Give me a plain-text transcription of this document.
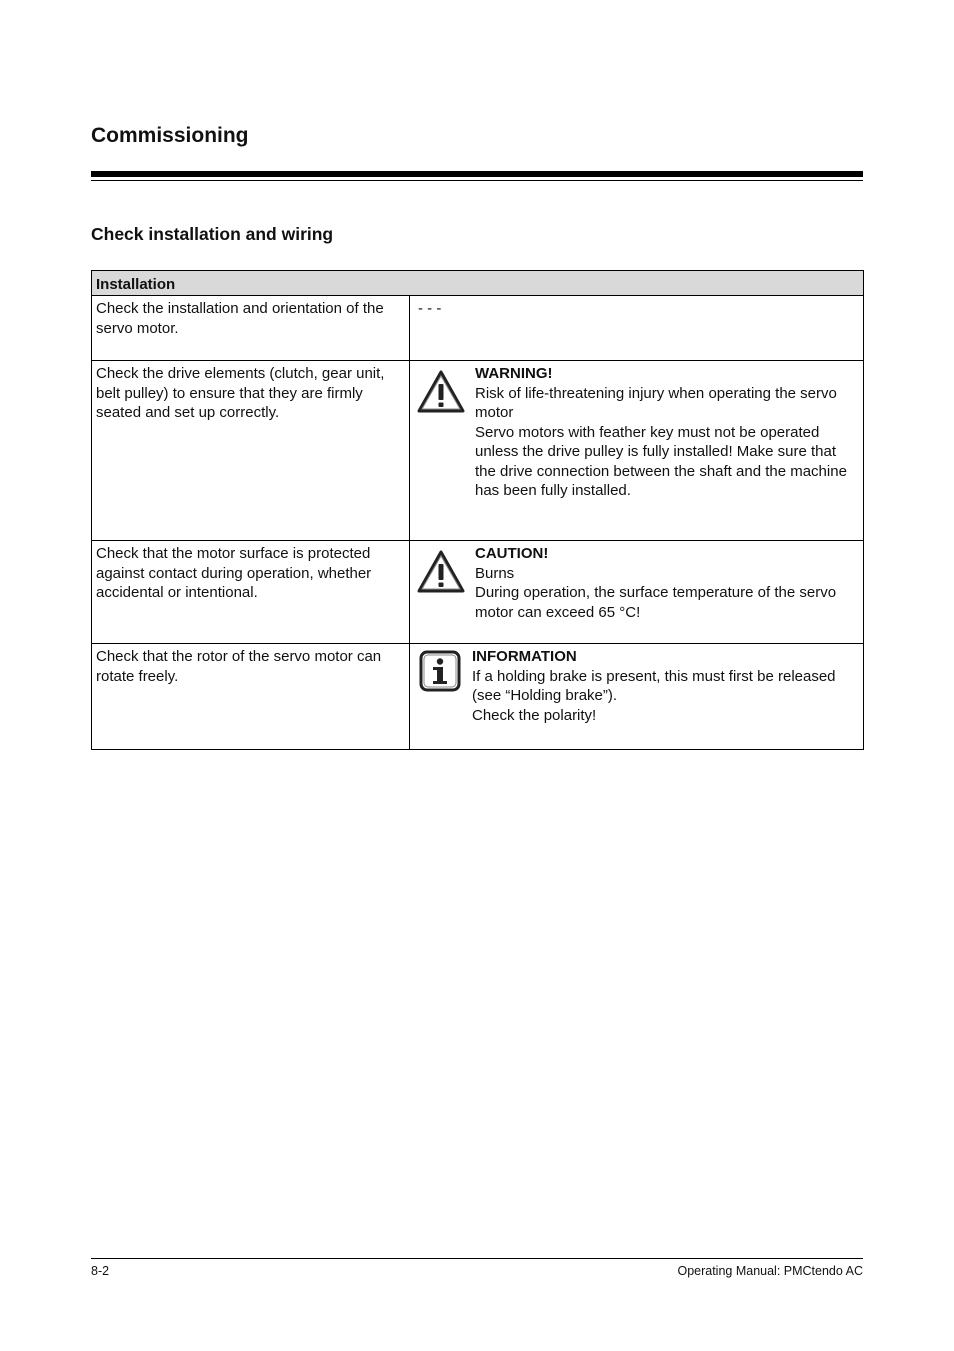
Commissioning
Check installation and wiring
Installation	
Check the installation and orientation of the servo motor.	- - -

Check the drive elements (clutch, gear unit, belt pulley) to ensure that they are firmly seated and set up correctly.	WARNING!
Risk of life-threatening injury when operating the servo motor
Servo motors with feather key must not be operated unless the drive pulley is fully installed! Make sure that the drive connection between the shaft and the machine has been fully installed.

Check that the motor surface is protected against contact during operation, whether accidental or intentional.	CAUTION!
Burns
During operation, the surface temperature of the servo motor can exceed 65 °C!

Check that the rotor of the servo motor can rotate freely.	INFORMATION
If a holding brake is present, this must first be released (see “Holding brake”).
Check the polarity!
8-2	Operating Manual: PMCtendo AC
